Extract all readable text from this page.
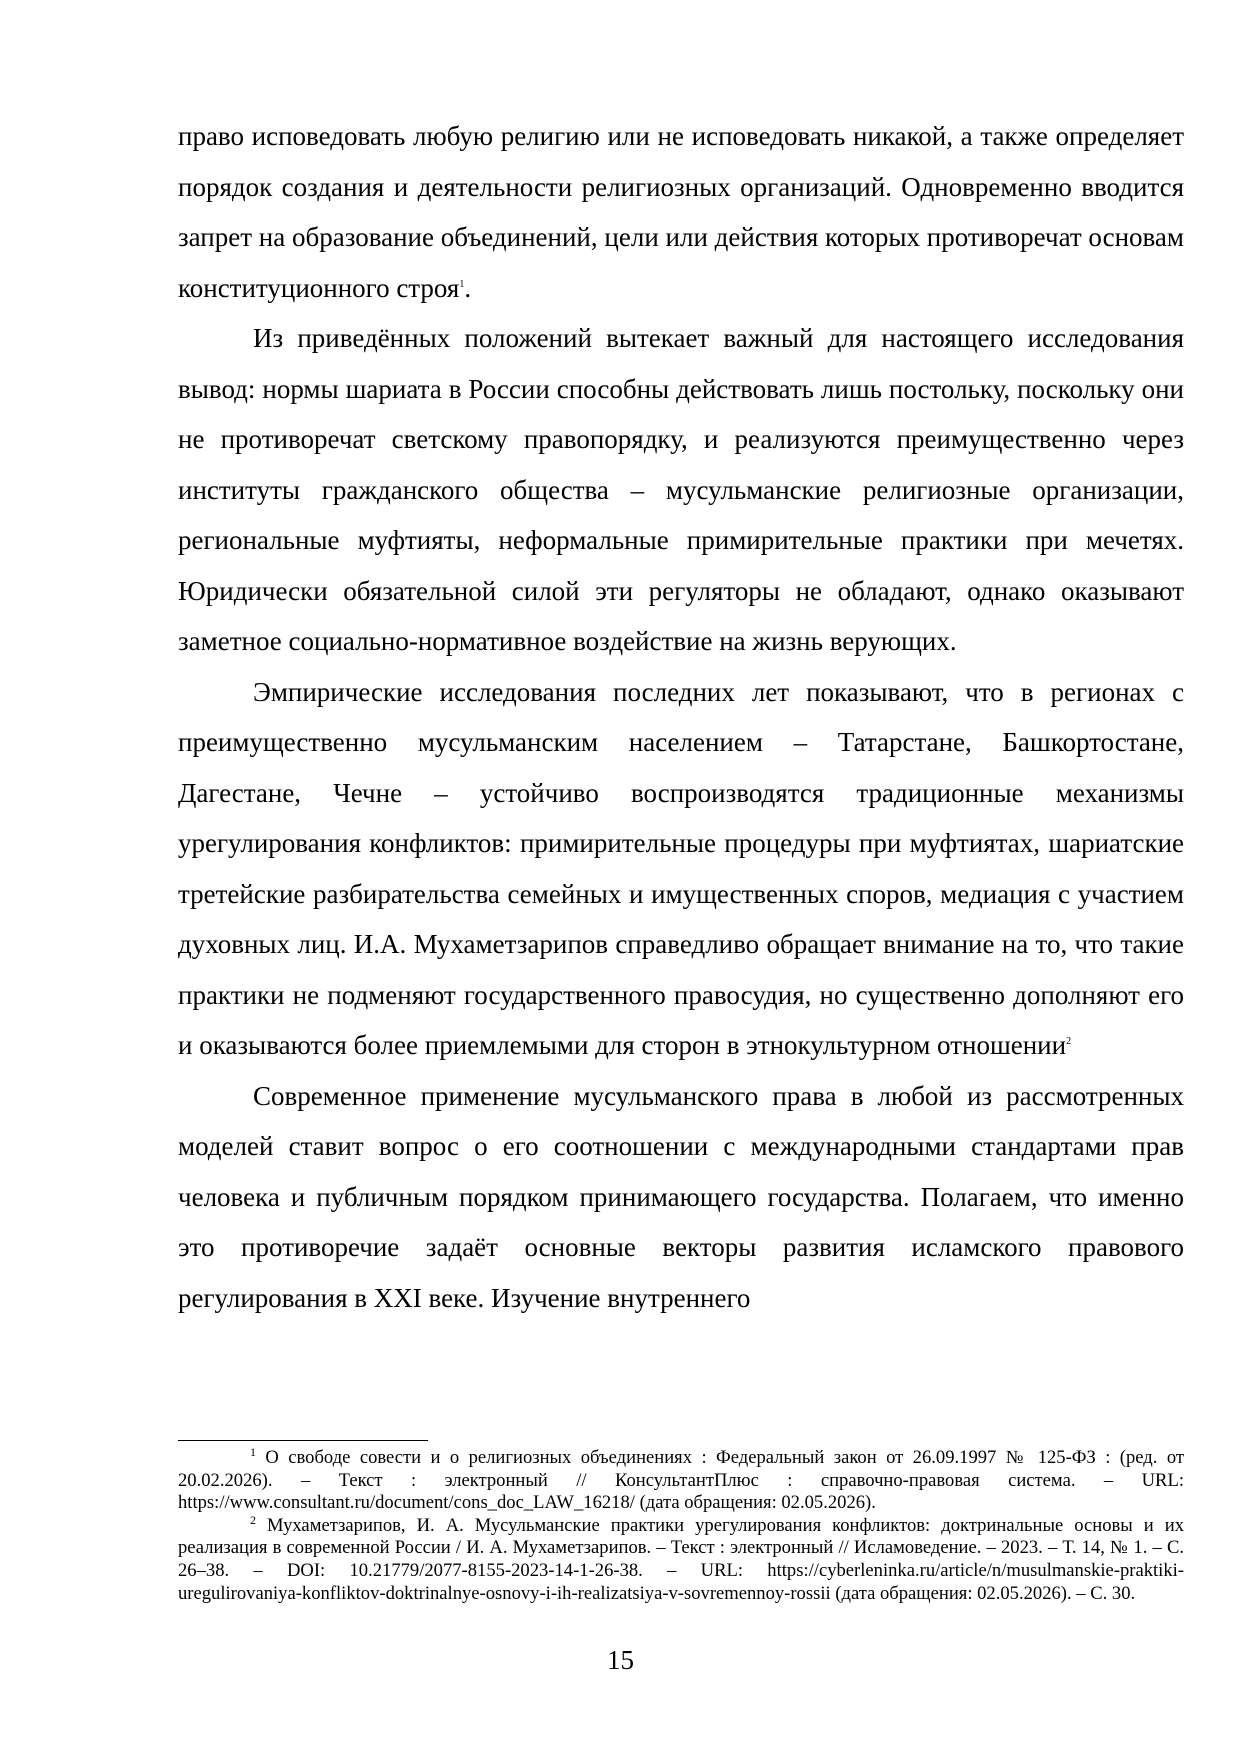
право исповедовать любую религию или не исповедовать никакой, а также определяет порядок создания и деятельности религиозных организаций. Одновременно вводится запрет на образование объединений, цели или действия которых противоречат основам конституционного строя$^1$.

Из приведённых положений вытекает важный для настоящего исследования вывод: нормы шариата в России способны действовать лишь постольку, поскольку они не противоречат светскому правопорядку, и реализуются преимущественно через институты гражданского общества – мусульманские религиозные организации, региональные муфтияты, неформальные примирительные практики при мечетях. Юридически обязательной силой эти регуляторы не обладают, однако оказывают заметное социально-нормативное воздействие на жизнь верующих.

Эмпирические исследования последних лет показывают, что в регионах с преимущественно мусульманским населением – Татарстане, Башкортостане, Дагестане, Чечне – устойчиво воспроизводятся традиционные механизмы урегулирования конфликтов: примирительные процедуры при муфтиятах, шариатские третейские разбирательства семейных и имущественных споров, медиация с участием духовных лиц. И.А. Мухаметзарипов справедливо обращает внимание на то, что такие практики не подменяют государственного правосудия, но существенно дополняют его и оказываются более приемлемыми для сторон в этнокультурном отношении$^2$

Современное применение мусульманского права в любой из рассмотренных моделей ставит вопрос о его соотношении с международными стандартами прав человека и публичным порядком принимающего государства. Полагаем, что именно это противоречие задаёт основные векторы развития исламского правового регулирования в XXI веке. Изучение внутреннего

$^1$ О свободе совести и о религиозных объединениях : Федеральный закон от 26.09.1997 № 125-ФЗ : (ред. от 20.02.2026). – Текст : электронный // КонсультантПлюс : справочно-правовая система. – URL: https://www.consultant.ru/document/cons_doc_LAW_16218/ (дата обращения: 02.05.2026).

$^2$ Мухаметзарипов, И. А. Мусульманские практики урегулирования конфликтов: доктринальные основы и их реализация в современной России / И. А. Мухаметзарипов. – Текст : электронный // Исламоведение. – 2023. – Т. 14, № 1. – С. 26–38. – DOI: 10.21779/2077-8155-2023-14-1-26-38. – URL: https://cyberleninka.ru/article/n/musulmanskie-praktiki-uregulirovaniya-konfliktov-doktrinalnye-osnovy-i-ih-realizatsiya-v-sovremennoy-rossii (дата обращения: 02.05.2026). – С. 30.

15
